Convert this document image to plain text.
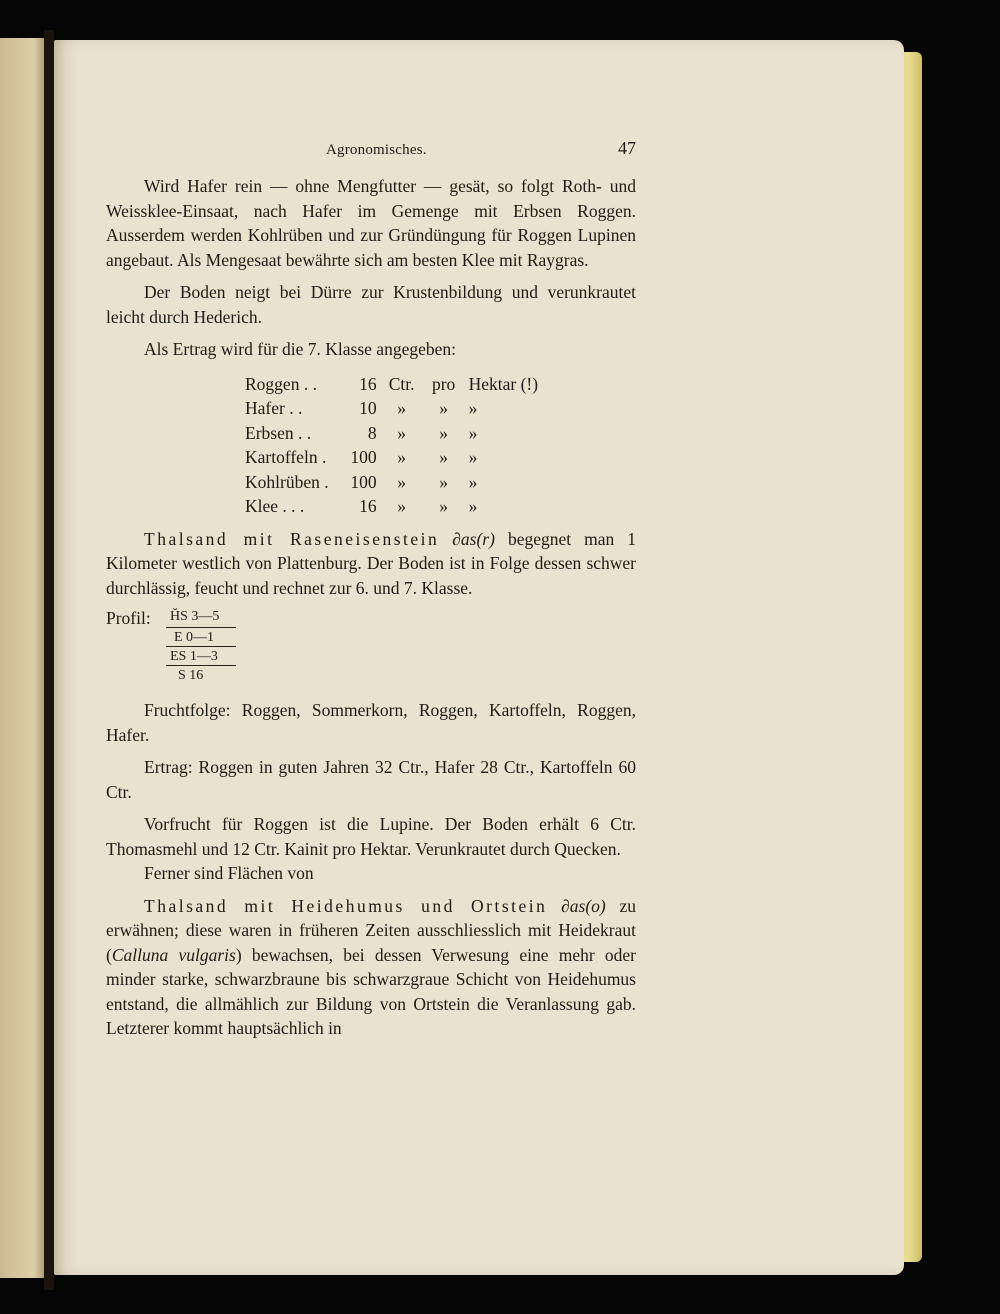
Agronomisches.	47

Wird Hafer rein — ohne Mengfutter — gesät, so folgt Roth- und Weissklee-Einsaat, nach Hafer im Gemenge mit Erbsen Roggen. Ausserdem werden Kohlrüben und zur Gründüngung für Roggen Lupinen angebaut. Als Mengesaat bewährte sich am besten Klee mit Raygras.

Der Boden neigt bei Dürre zur Krustenbildung und verunkrautet leicht durch Hederich.

Als Ertrag wird für die 7. Klasse angegeben:

Roggen . .	16	Ctr.	pro	Hektar (!)
Hafer . .	10	»	»	»
Erbsen . .	8	»	»	»
Kartoffeln .	100	»	»	»
Kohlrüben .	100	»	»	»
Klee . . .	16	»	»	»

Thalsand mit Raseneisenstein ∂as(r) begegnet man 1 Kilometer westlich von Plattenburg. Der Boden ist in Folge dessen schwer durchlässig, feucht und rechnet zur 6. und 7. Klasse.

Profil: H̆S 3—5
E 0—1
ES 1—3
S 16

Fruchtfolge: Roggen, Sommerkorn, Roggen, Kartoffeln, Roggen, Hafer.

Ertrag: Roggen in guten Jahren 32 Ctr., Hafer 28 Ctr., Kartoffeln 60 Ctr.

Vorfrucht für Roggen ist die Lupine. Der Boden erhält 6 Ctr. Thomasmehl und 12 Ctr. Kainit pro Hektar. Verunkrautet durch Quecken.

Ferner sind Flächen von

Thalsand mit Heidehumus und Ortstein ∂as(o) zu erwähnen; diese waren in früheren Zeiten ausschliesslich mit Heidekraut (Calluna vulgaris) bewachsen, bei dessen Verwesung eine mehr oder minder starke, schwarzbraune bis schwarzgraue Schicht von Heidehumus entstand, die allmählich zur Bildung von Ortstein die Veranlassung gab. Letzterer kommt hauptsächlich in
